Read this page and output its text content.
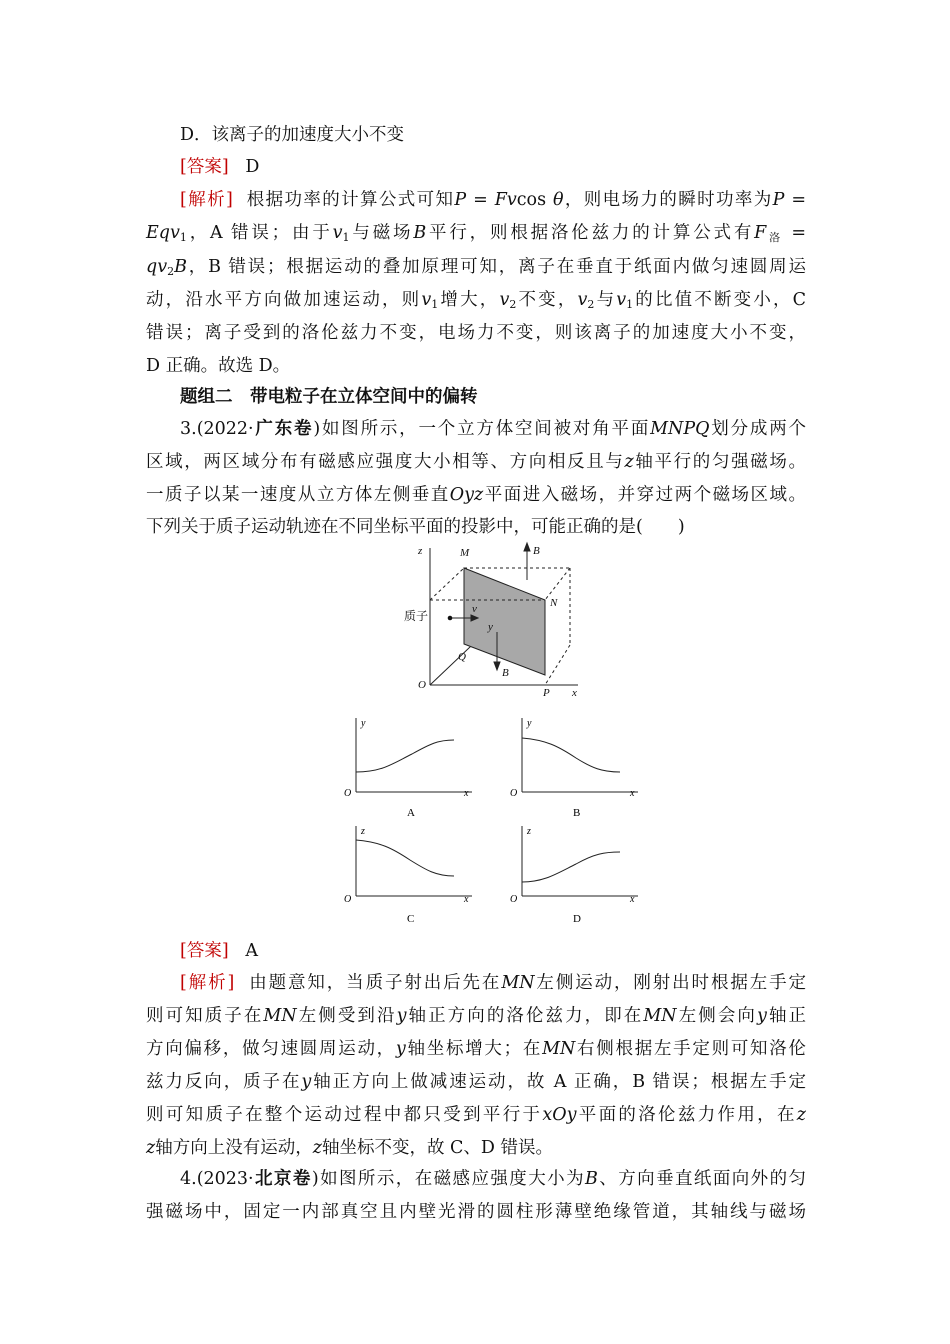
D．该离子的加速度大小不变
[答案] D
[解析] 根据功率的计算公式可知P = Fvcos θ，则电场力的瞬时功率为P =
Eqv$_1$，A 错误；由于$v_1$与磁场B平行，则根据洛伦兹力的计算公式有$F_洛$ =
$qv_2B$，B 错误；根据运动的叠加原理可知，离子在垂直于纸面内做匀速圆周运
动，沿水平方向做加速运动，则$v_1$增大，$v_2$不变，$v_2$与$v_1$的比值不断变小，C
错误；离子受到的洛伦兹力不变，电场力不变，则该离子的加速度大小不变，
D 正确。故选 D。
题组二　带电粒子在立体空间中的偏转
3.(2022·广东卷)如图所示，一个立方体空间被对角平面MNPQ划分成两个
区域，两区域分布有磁感应强度大小相等、方向相反且与z轴平行的匀强磁场。
一质子以某一速度从立方体左侧垂直Oyz平面进入磁场，并穿过两个磁场区域。
下列关于质子运动轨迹在不同坐标平面的投影中，可能正确的是(　　)
z	M	B
N
v
y
Q
B
O
P x
质子
y
O	x
A
y
O	x
B
z
O	x
C
z
O	x
D
[答案] A
[解析] 由题意知，当质子射出后先在MN左侧运动，刚射出时根据左手定
则可知质子在MN左侧受到沿y轴正方向的洛伦兹力，即在MN左侧会向y轴正
方向偏移，做匀速圆周运动，y轴坐标增大；在MN右侧根据左手定则可知洛伦
兹力反向，质子在y轴正方向上做减速运动，故 A 正确，B 错误；根据左手定
则可知质子在整个运动过程中都只受到平行于xOy平面的洛伦兹力作用，在z
z轴方向上没有运动，z轴坐标不变，故 C、D 错误。
4.(2023·北京卷)如图所示，在磁感应强度大小为B、方向垂直纸面向外的匀
强磁场中，固定一内部真空且内壁光滑的圆柱形薄壁绝缘管道，其轴线与磁场
